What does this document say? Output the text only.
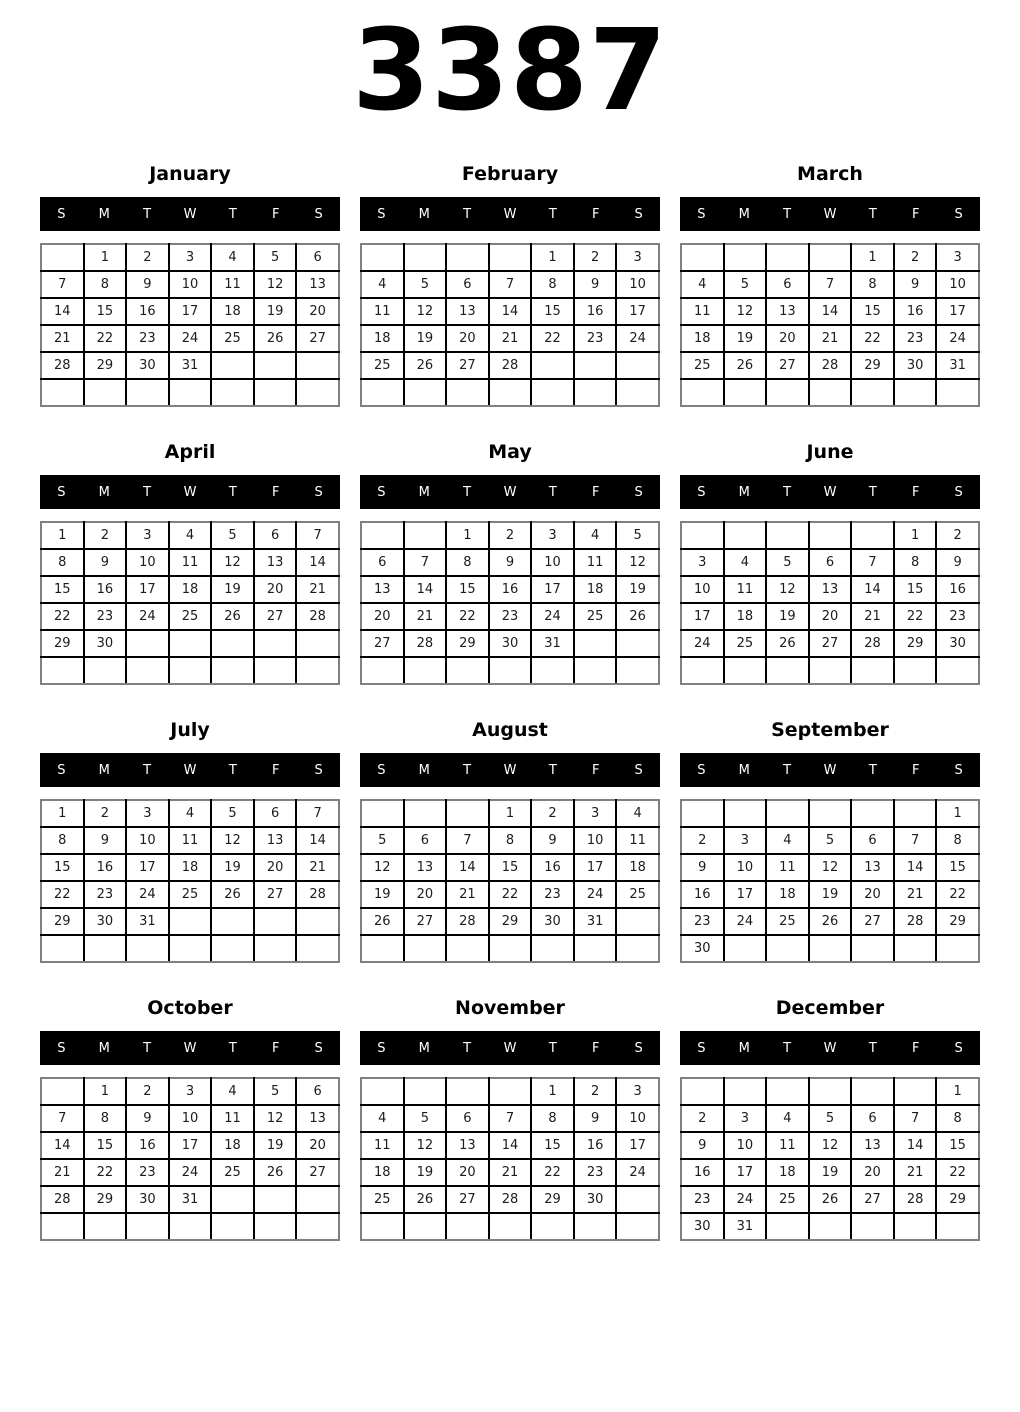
3387
January
S	M	T	W	T	F	S
	1	2	3	4	5	6
7	8	9	10	11	12	13
14	15	16	17	18	19	20
21	22	23	24	25	26	27
28	29	30	31			

February
S	M	T	W	T	F	S
				1	2	3
4	5	6	7	8	9	10
11	12	13	14	15	16	17
18	19	20	21	22	23	24
25	26	27	28			

March
S	M	T	W	T	F	S
				1	2	3
4	5	6	7	8	9	10
11	12	13	14	15	16	17
18	19	20	21	22	23	24
25	26	27	28	29	30	31

April
S	M	T	W	T	F	S
1	2	3	4	5	6	7
8	9	10	11	12	13	14
15	16	17	18	19	20	21
22	23	24	25	26	27	28
29	30					

May
S	M	T	W	T	F	S
		1	2	3	4	5
6	7	8	9	10	11	12
13	14	15	16	17	18	19
20	21	22	23	24	25	26
27	28	29	30	31		

June
S	M	T	W	T	F	S
					1	2
3	4	5	6	7	8	9
10	11	12	13	14	15	16
17	18	19	20	21	22	23
24	25	26	27	28	29	30

July
S	M	T	W	T	F	S
1	2	3	4	5	6	7
8	9	10	11	12	13	14
15	16	17	18	19	20	21
22	23	24	25	26	27	28
29	30	31				

August
S	M	T	W	T	F	S
			1	2	3	4
5	6	7	8	9	10	11
12	13	14	15	16	17	18
19	20	21	22	23	24	25
26	27	28	29	30	31	

September
S	M	T	W	T	F	S
						1
2	3	4	5	6	7	8
9	10	11	12	13	14	15
16	17	18	19	20	21	22
23	24	25	26	27	28	29
30						
October
S	M	T	W	T	F	S
	1	2	3	4	5	6
7	8	9	10	11	12	13
14	15	16	17	18	19	20
21	22	23	24	25	26	27
28	29	30	31			

November
S	M	T	W	T	F	S
				1	2	3
4	5	6	7	8	9	10
11	12	13	14	15	16	17
18	19	20	21	22	23	24
25	26	27	28	29	30	

December
S	M	T	W	T	F	S
						1
2	3	4	5	6	7	8
9	10	11	12	13	14	15
16	17	18	19	20	21	22
23	24	25	26	27	28	29
30	31					
